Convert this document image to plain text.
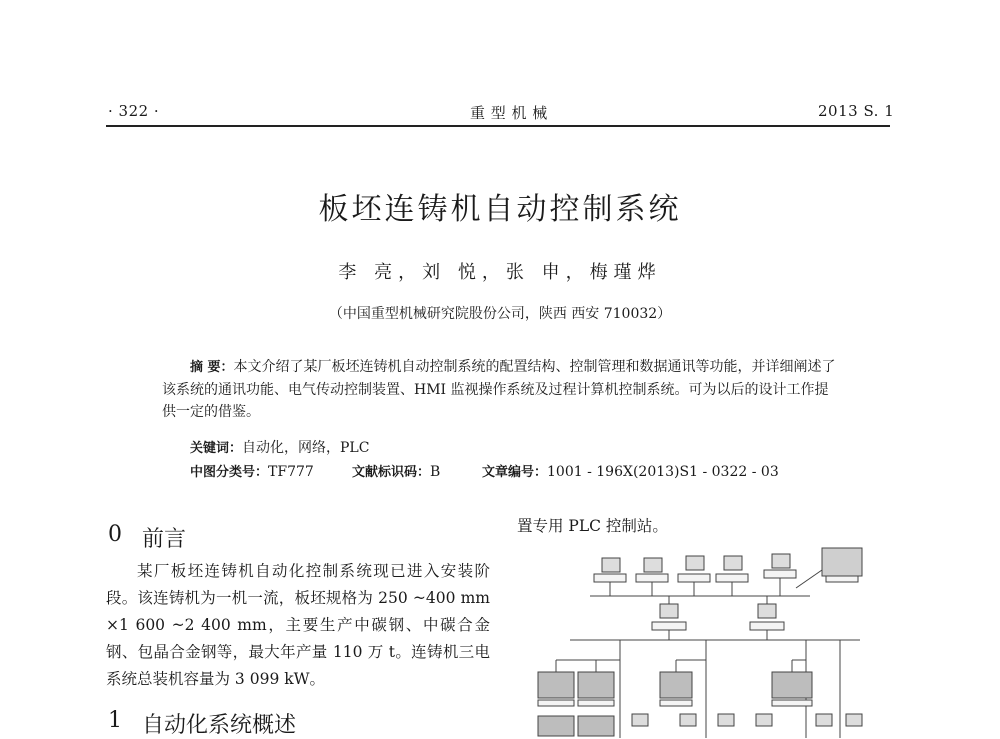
· 322 ·	重 型 机 械	2013 S. 1
板坯连铸机自动控制系统
李 亮，刘 悦，张 申，梅瑾烨
（中国重型机械研究院股份公司，陕西 西安 710032）
摘 要：本文介绍了某厂板坯连铸机自动控制系统的配置结构、控制管理和数据通讯等功能，并详细阐述了该系统的通讯功能、电气传动控制装置、HMI 监视操作系统及过程计算机控制系统。可为以后的设计工作提供一定的借鉴。
关键词：自动化，网络，PLC
中图分类号：TF777	文献标识码：B	文章编号：1001 - 196X(2013)S1 - 0322 - 03
0 前言
某厂板坯连铸机自动化控制系统现已进入安装阶段。该连铸机为一机一流，板坯规格为 250 ~400 mm ×1 600 ~2 400 mm，主要生产中碳钢、中碳合金钢、包晶合金钢等，最大年产量 110 万 t。连铸机三电系统总装机容量为 3 099 kW。
1 自动化系统概述
置专用 PLC 控制站。
